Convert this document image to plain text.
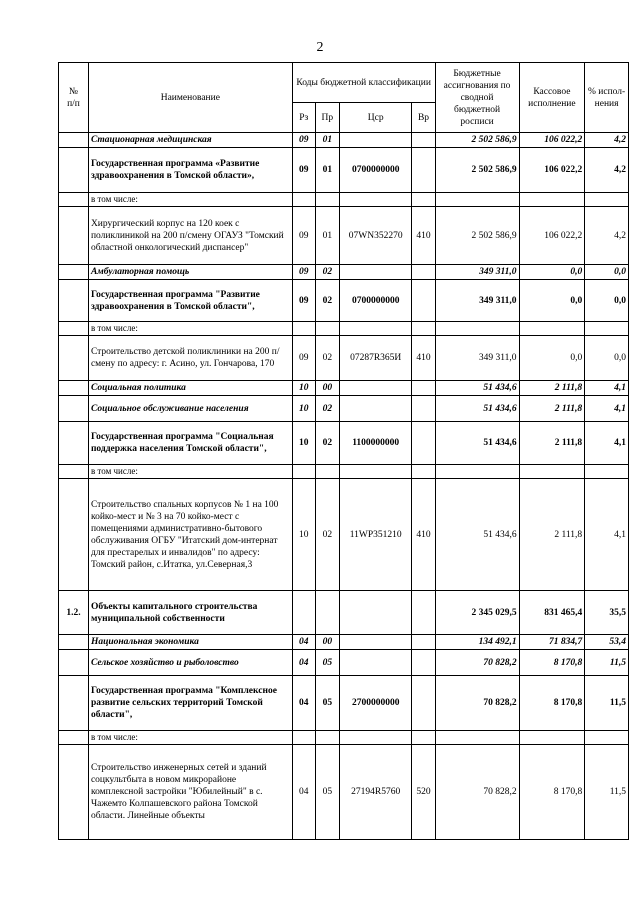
2
№
п/п	Наименование	Коды бюджетной классификации				Бюджетные ассигнования по сводной бюджетной росписи	Кассовое исполнение	% испол-нения
		Рз	Пр	Цср	Вр			
	Стационарная медицинская	09	01			2 502 586,9	106 022,2	4,2
	Государственная программа «Развитие здравоохранения в Томской области»,	09	01	0700000000		2 502 586,9	106 022,2	4,2
	в том числе:							
	Хирургический корпус на 120 коек с поликлиникой на 200 п/смену ОГАУЗ "Томский областной онкологический диспансер"	09	01	07WN352270	410	2 502 586,9	106 022,2	4,2
	Амбулаторная помощь	09	02			349 311,0	0,0	0,0
	Государственная программа "Развитие здравоохранения в Томской области",	09	02	0700000000		349 311,0	0,0	0,0
	в том числе:							
	Строительство детской поликлиники на 200 п/смену по адресу: г. Асино, ул. Гончарова, 170	09	02	07287R365И	410	349 311,0	0,0	0,0
	Социальная политика	10	00			51 434,6	2 111,8	4,1
	Социальное обслуживание населения	10	02			51 434,6	2 111,8	4,1
	Государственная программа "Социальная поддержка населения Томской области",	10	02	1100000000		51 434,6	2 111,8	4,1
	в том числе:							
	Строительство спальных корпусов № 1 на 100 койко-мест и № 3 на 70 койко-мест с помещениями административно-бытового обслуживания ОГБУ "Итатский дом-интернат для престарелых и инвалидов" по адресу: Томский район, с.Итатка, ул.Северная,3	10	02	11WP351210	410	51 434,6	2 111,8	4,1
1.2.	Объекты капитального строительства муниципальной собственности					2 345 029,5	831 465,4	35,5
	Национальная экономика	04	00			134 492,1	71 834,7	53,4
	Сельское хозяйство и рыболовство	04	05			70 828,2	8 170,8	11,5
	Государственная программа "Комплексное развитие сельских территорий Томской области",	04	05	2700000000		70 828,2	8 170,8	11,5
	в том числе:							
	Строительство инженерных сетей и зданий соцкультбыта в новом микрорайоне комплексной застройки "Юбилейный" в с. Чажемто Колпашевского района Томской области. Линейные объекты	04	05	27194R5760	520	70 828,2	8 170,8	11,5
